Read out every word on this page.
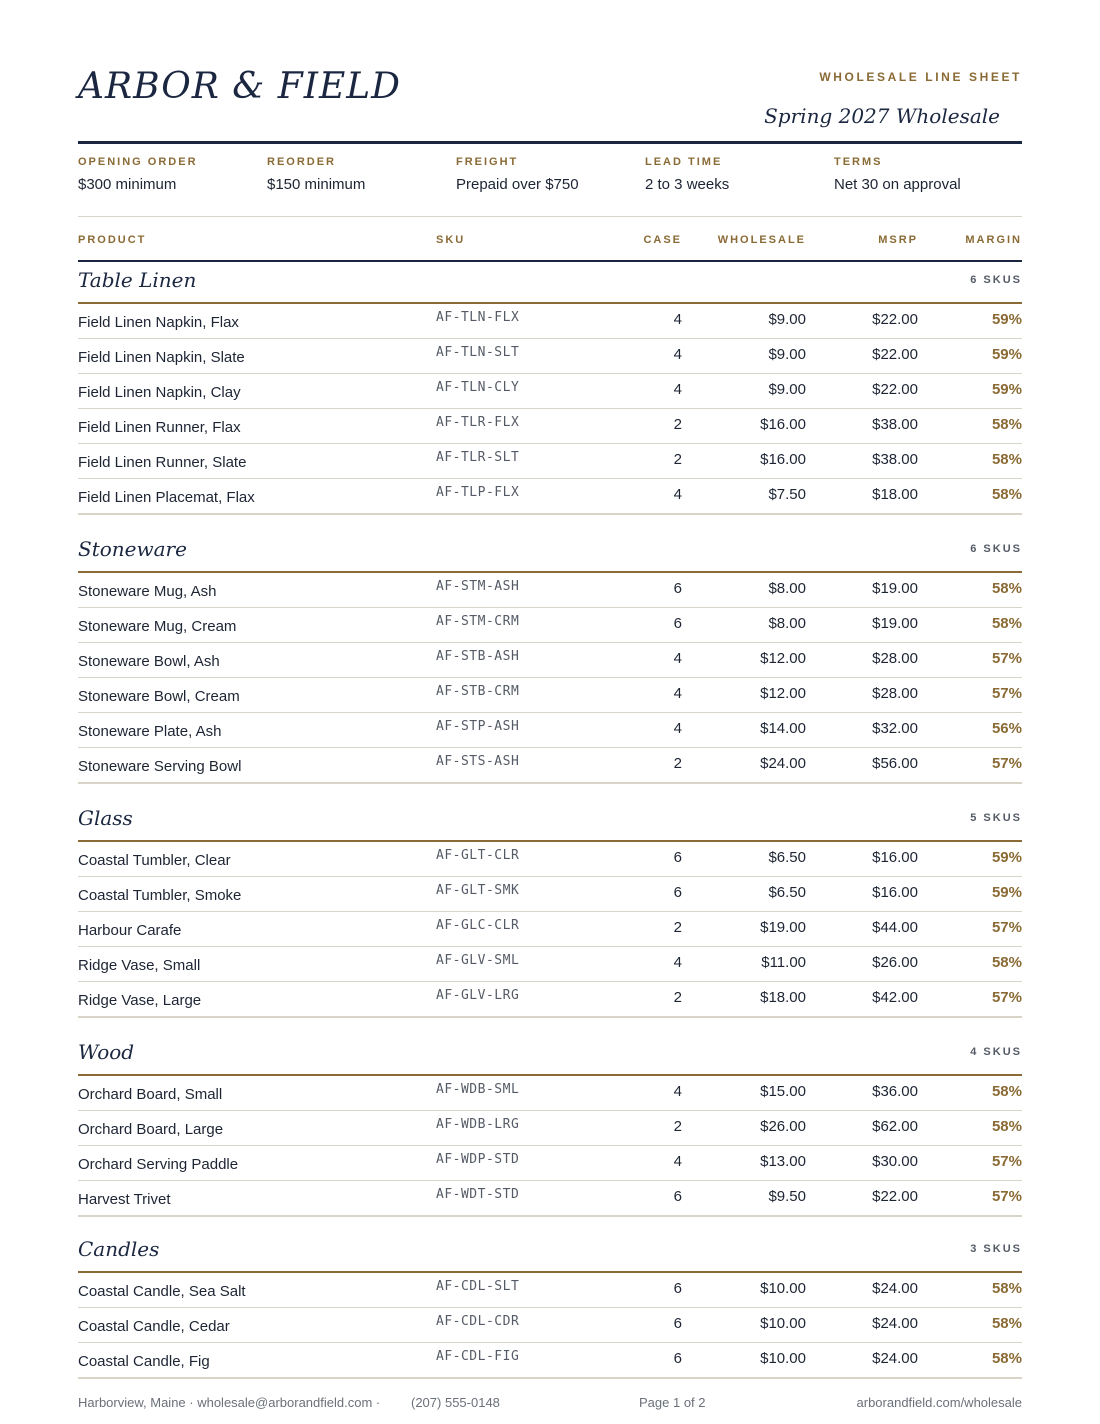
ARBOR & FIELD	WHOLESALE LINE SHEET
Spring 2027 Wholesale
OPENING ORDER
$300 minimum
REORDER
$150 minimum
FREIGHT
Prepaid over $750
LEAD TIME
2 to 3 weeks
TERMS
Net 30 on approval
PRODUCT	SKU	CASE	WHOLESALE	MSRP	MARGIN
Table Linen	6 SKUS
Field Linen Napkin, Flax	AF-TLN-FLX	4	$9.00	$22.00	59%
Field Linen Napkin, Slate	AF-TLN-SLT	4	$9.00	$22.00	59%
Field Linen Napkin, Clay	AF-TLN-CLY	4	$9.00	$22.00	59%
Field Linen Runner, Flax	AF-TLR-FLX	2	$16.00	$38.00	58%
Field Linen Runner, Slate	AF-TLR-SLT	2	$16.00	$38.00	58%
Field Linen Placemat, Flax	AF-TLP-FLX	4	$7.50	$18.00	58%
Stoneware	6 SKUS
Stoneware Mug, Ash	AF-STM-ASH	6	$8.00	$19.00	58%
Stoneware Mug, Cream	AF-STM-CRM	6	$8.00	$19.00	58%
Stoneware Bowl, Ash	AF-STB-ASH	4	$12.00	$28.00	57%
Stoneware Bowl, Cream	AF-STB-CRM	4	$12.00	$28.00	57%
Stoneware Plate, Ash	AF-STP-ASH	4	$14.00	$32.00	56%
Stoneware Serving Bowl	AF-STS-ASH	2	$24.00	$56.00	57%
Glass	5 SKUS
Coastal Tumbler, Clear	AF-GLT-CLR	6	$6.50	$16.00	59%
Coastal Tumbler, Smoke	AF-GLT-SMK	6	$6.50	$16.00	59%
Harbour Carafe	AF-GLC-CLR	2	$19.00	$44.00	57%
Ridge Vase, Small	AF-GLV-SML	4	$11.00	$26.00	58%
Ridge Vase, Large	AF-GLV-LRG	2	$18.00	$42.00	57%
Wood	4 SKUS
Orchard Board, Small	AF-WDB-SML	4	$15.00	$36.00	58%
Orchard Board, Large	AF-WDB-LRG	2	$26.00	$62.00	58%
Orchard Serving Paddle	AF-WDP-STD	4	$13.00	$30.00	57%
Harvest Trivet	AF-WDT-STD	6	$9.50	$22.00	57%
Candles	3 SKUS
Coastal Candle, Sea Salt	AF-CDL-SLT	6	$10.00	$24.00	58%
Coastal Candle, Cedar	AF-CDL-CDR	6	$10.00	$24.00	58%
Coastal Candle, Fig	AF-CDL-FIG	6	$10.00	$24.00	58%
Harborview, Maine · wholesale@arborandfield.com · (207) 555-0148	Page 1 of 2	arborandfield.com/wholesale
